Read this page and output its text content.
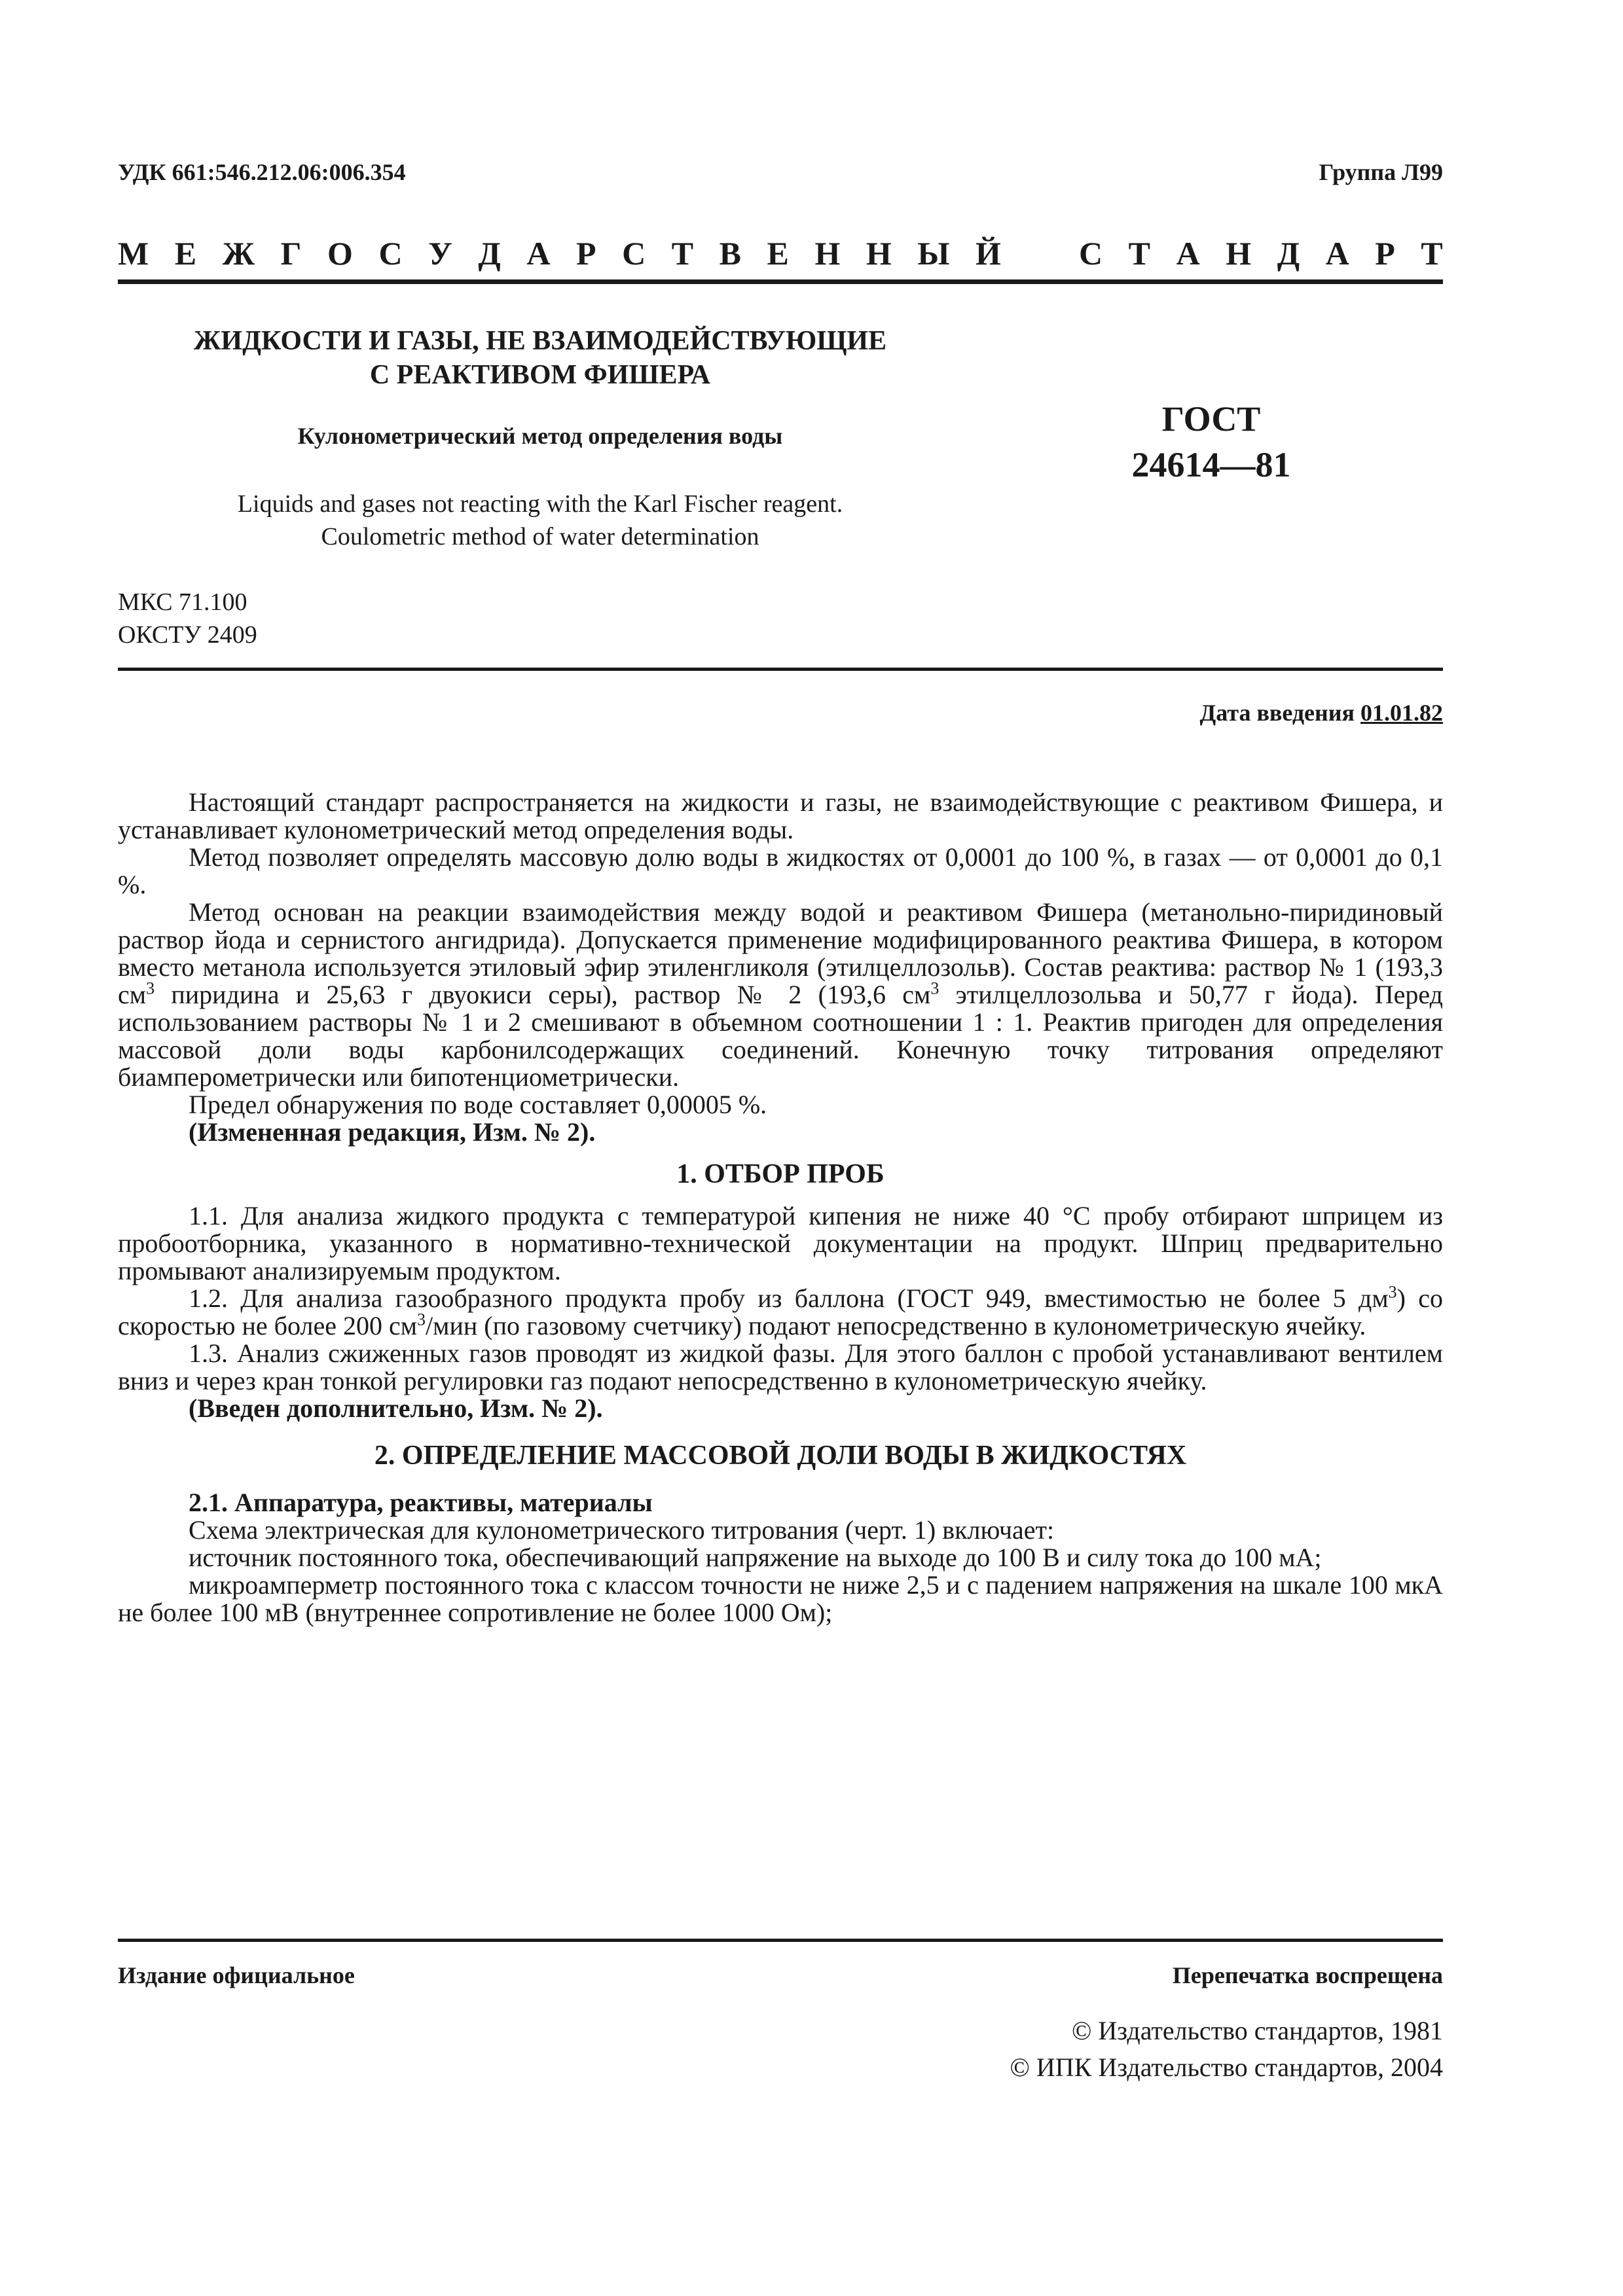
УДК 661:546.212.06:006.354	Группа Л99
М Е Ж Г О С У Д А Р С Т В Е Н Н Ы Й С Т А Н Д А Р Т
ЖИДКОСТИ И ГАЗЫ, НЕ ВЗАИМОДЕЙСТВУЮЩИЕ
С РЕАКТИВОМ ФИШЕРА
ГОСТ
24614—81
Кулонометрический метод определения воды
Liquids and gases not reacting with the Karl Fischer reagent.
Coulometric method of water determination
МКС 71.100
ОКСТУ 2409
Дата введения 01.01.82

Настоящий стандарт распространяется на жидкости и газы, не взаимодействующие с реактивом Фишера, и устанавливает кулонометрический метод определения воды.

Метод позволяет определять массовую долю воды в жидкостях от 0,0001 до 100 %, в газах — от 0,0001 до 0,1 %.

Метод основан на реакции взаимодействия между водой и реактивом Фишера (метанольно-пиридиновый раствор йода и сернистого ангидрида). Допускается применение модифицированного реактива Фишера, в котором вместо метанола используется этиловый эфир этиленгликоля (этилцеллозольв). Состав реактива: раствор № 1 (193,3 $см^3$ пиридина и 25,63 г двуокиси серы), раствор № 2 (193,6 $см^3$ этилцеллозольва и 50,77 г йода). Перед использованием растворы № 1 и 2 смешивают в объемном соотношении 1 : 1. Реактив пригоден для определения массовой доли воды карбонилсодержащих соединений. Конечную точку титрования определяют биамперометрически или бипотенциометрически.

Предел обнаружения по воде составляет 0,00005 %.

(Измененная редакция, Изм. № 2).

1. ОТБОР ПРОБ

1.1. Для анализа жидкого продукта с температурой кипения не ниже 40 °С пробу отбирают шприцем из пробоотборника, указанного в нормативно-технической документации на продукт. Шприц предварительно промывают анализируемым продуктом.

1.2. Для анализа газообразного продукта пробу из баллона (ГОСТ 949, вместимостью не более 5 $дм^3$) со скоростью не более 200 $см^3$/мин (по газовому счетчику) подают непосредственно в кулонометрическую ячейку.

1.3. Анализ сжиженных газов проводят из жидкой фазы. Для этого баллон с пробой устанавливают вентилем вниз и через кран тонкой регулировки газ подают непосредственно в кулонометрическую ячейку.

(Введен дополнительно, Изм. № 2).

2. ОПРЕДЕЛЕНИЕ МАССОВОЙ ДОЛИ ВОДЫ В ЖИДКОСТЯХ

2.1. Аппаратура, реактивы, материалы

Схема электрическая для кулонометрического титрования (черт. 1) включает:

источник постоянного тока, обеспечивающий напряжение на выходе до 100 В и силу тока до 100 мА;

микроамперметр постоянного тока с классом точности не ниже 2,5 и с падением напряжения на шкале 100 мкА не более 100 мВ (внутреннее сопротивление не более 1000 Ом);

Издание официальное	Перепечатка воспрещена
© Издательство стандартов, 1981
© ИПК Издательство стандартов, 2004
